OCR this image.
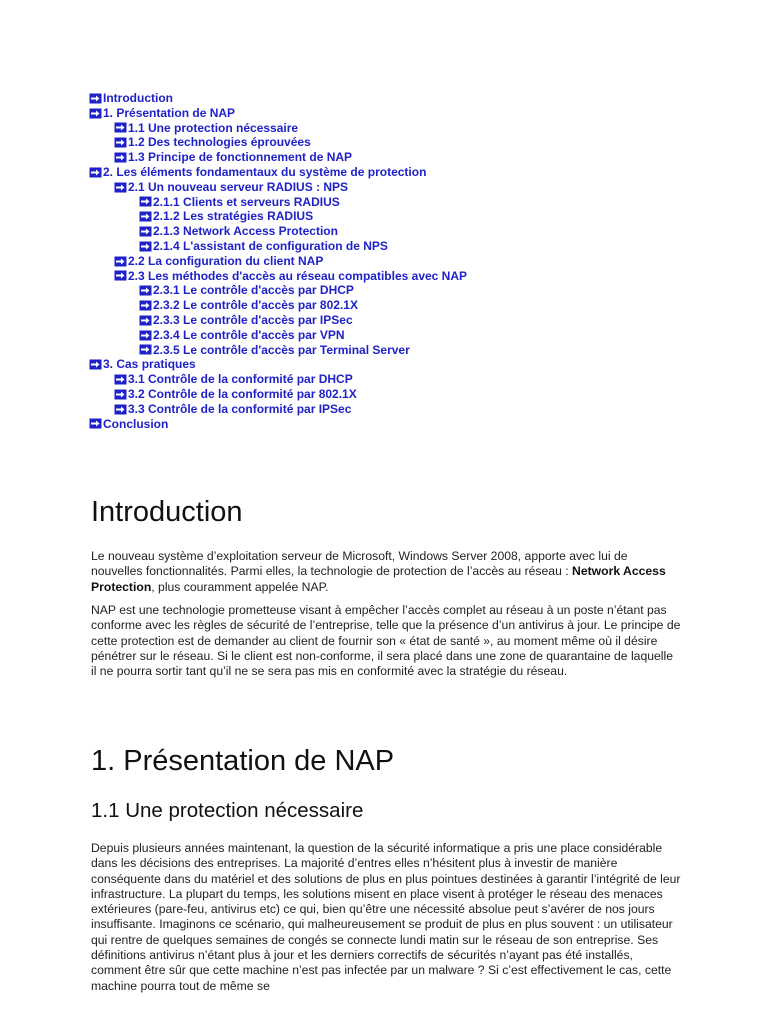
Introduction
1. Présentation de NAP
1.1 Une protection nécessaire
1.2 Des technologies éprouvées
1.3 Principe de fonctionnement de NAP
2. Les éléments fondamentaux du système de protection
2.1 Un nouveau serveur RADIUS : NPS
2.1.1 Clients et serveurs RADIUS
2.1.2 Les stratégies RADIUS
2.1.3 Network Access Protection
2.1.4 L'assistant de configuration de NPS
2.2 La configuration du client NAP
2.3 Les méthodes d'accès au réseau compatibles avec NAP
2.3.1 Le contrôle d'accès par DHCP
2.3.2 Le contrôle d'accès par 802.1X
2.3.3 Le contrôle d'accès par IPSec
2.3.4 Le contrôle d'accès par VPN
2.3.5 Le contrôle d'accès par Terminal Server
3. Cas pratiques
3.1 Contrôle de la conformité par DHCP
3.2 Contrôle de la conformité par 802.1X
3.3 Contrôle de la conformité par IPSec
Conclusion
Introduction

Le nouveau système d’exploitation serveur de Microsoft, Windows Server 2008, apporte avec lui de nouvelles fonctionnalités. Parmi elles, la technologie de protection de l’accès au réseau : Network Access Protection, plus couramment appelée NAP.

NAP est une technologie prometteuse visant à empêcher l’accès complet au réseau à un poste n’étant pas conforme avec les règles de sécurité de l’entreprise, telle que la présence d’un antivirus à jour. Le principe de cette protection est de demander au client de fournir son « état de santé », au moment même où il désire pénétrer sur le réseau. Si le client est non-conforme, il sera placé dans une zone de quarantaine de laquelle il ne pourra sortir tant qu’il ne se sera pas mis en conformité avec la stratégie du réseau.

1. Présentation de NAP
1.1 Une protection nécessaire

Depuis plusieurs années maintenant, la question de la sécurité informatique a pris une place considérable dans les décisions des entreprises. La majorité d’entres elles n’hésitent plus à investir de manière conséquente dans du matériel et des solutions de plus en plus pointues destinées à garantir l’intégrité de leur infrastructure. La plupart du temps, les solutions misent en place visent à protéger le réseau des menaces extérieures (pare-feu, antivirus etc) ce qui, bien qu’être une nécessité absolue peut s’avérer de nos jours insuffisante. Imaginons ce scénario, qui malheureusement se produit de plus en plus souvent : un utilisateur qui rentre de quelques semaines de congés se connecte lundi matin sur le réseau de son entreprise. Ses définitions antivirus n’étant plus à jour et les derniers correctifs de sécurités n’ayant pas été installés, comment être sûr que cette machine n’est pas infectée par un malware ? Si c’est effectivement le cas, cette machine pourra tout de même se
